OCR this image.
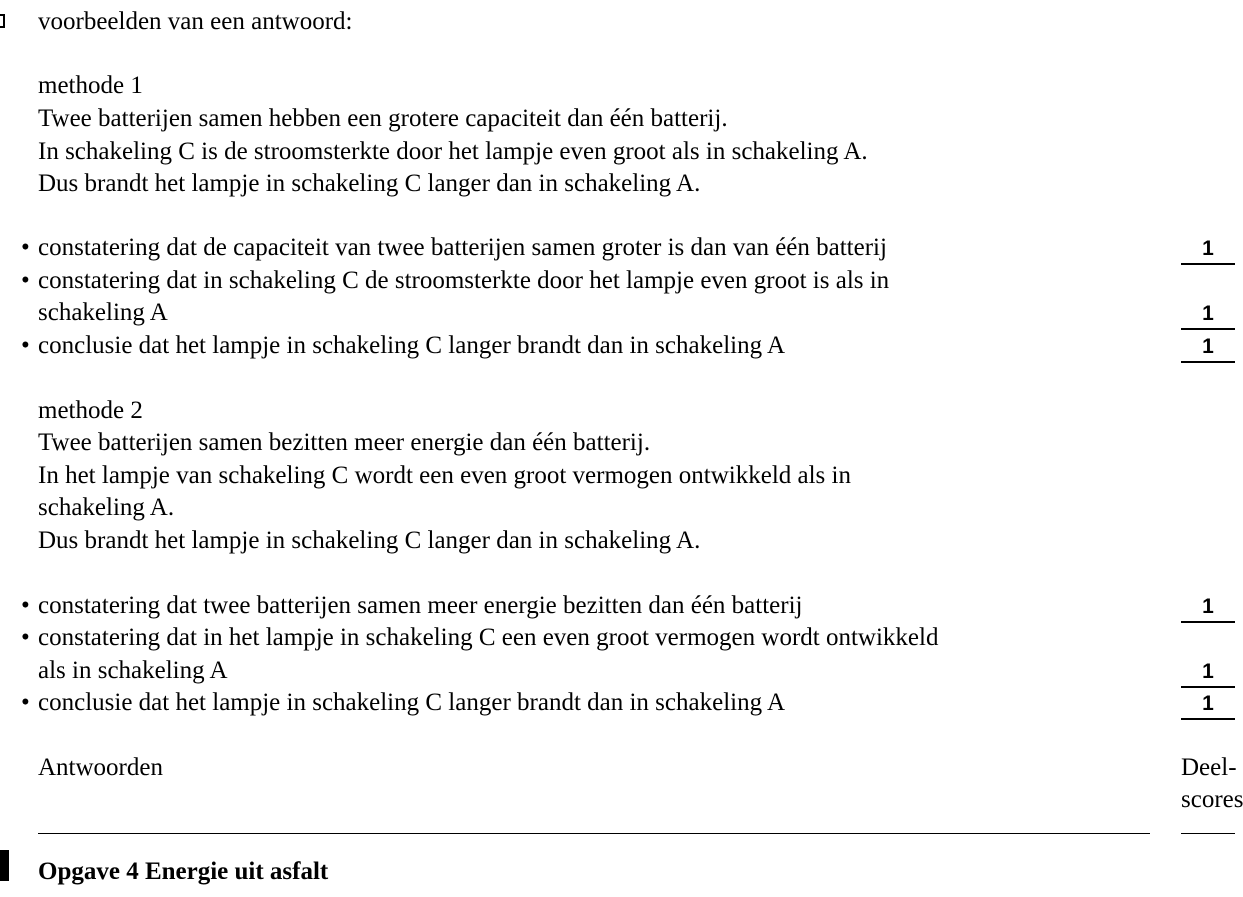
voorbeelden van een antwoord:
methode 1
Twee batterijen samen hebben een grotere capaciteit dan één batterij.
In schakeling C is de stroomsterkte door het lampje even groot als in schakeling A.
Dus brandt het lampje in schakeling C langer dan in schakeling A.
• constatering dat de capaciteit van twee batterijen samen groter is dan van één batterij	1
• constatering dat in schakeling C de stroomsterkte door het lampje even groot is als in
schakeling A	1
• conclusie dat het lampje in schakeling C langer brandt dan in schakeling A	1
methode 2
Twee batterijen samen bezitten meer energie dan één batterij.
In het lampje van schakeling C wordt een even groot vermogen ontwikkeld als in
schakeling A.
Dus brandt het lampje in schakeling C langer dan in schakeling A.
• constatering dat twee batterijen samen meer energie bezitten dan één batterij	1
• constatering dat in het lampje in schakeling C een even groot vermogen wordt ontwikkeld
als in schakeling A	1
• conclusie dat het lampje in schakeling C langer brandt dan in schakeling A	1
Antwoorden	Deel-
scores
Opgave 4 Energie uit asfalt
